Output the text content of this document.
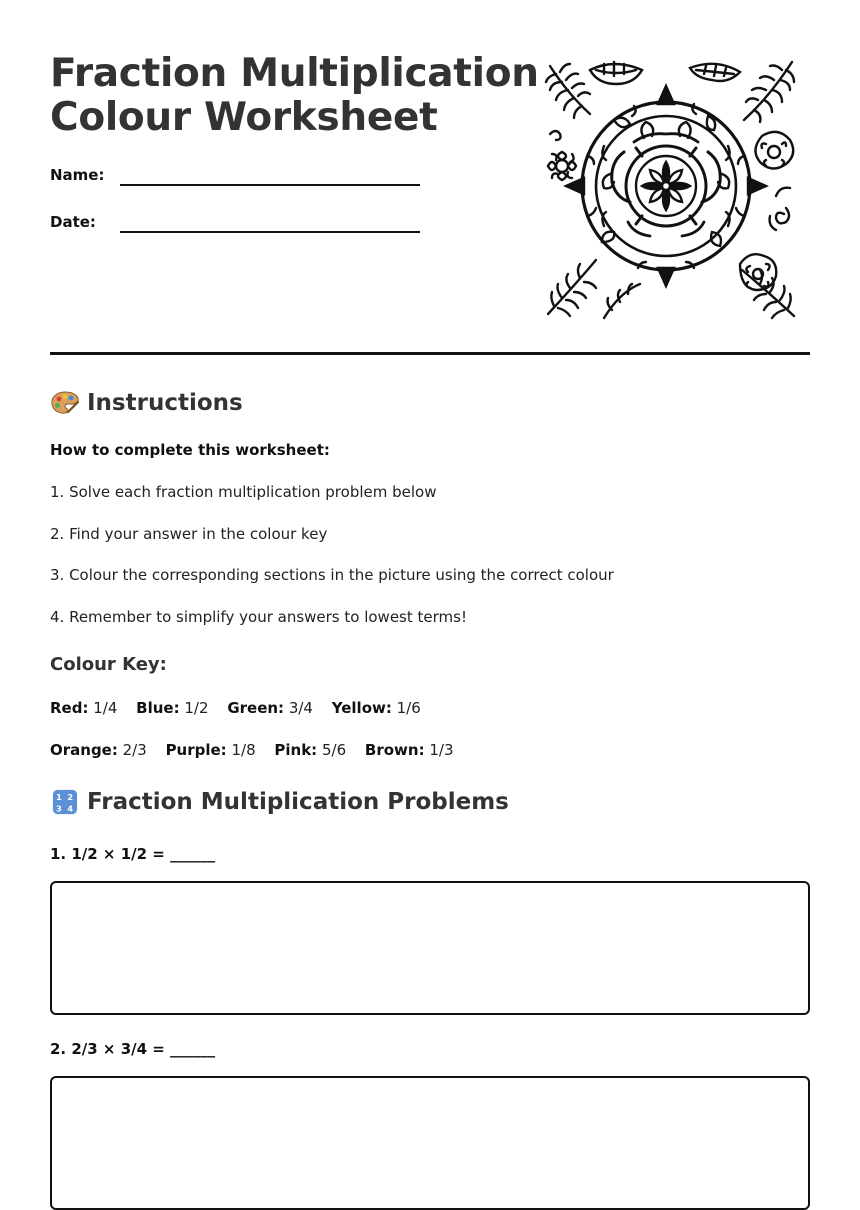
Fraction Multiplication
Colour Worksheet
Name:
Date:
Instructions
How to complete this worksheet:
1. Solve each fraction multiplication problem below
2. Find your answer in the colour key
3. Colour the corresponding sections in the picture using the correct colour
4. Remember to simplify your answers to lowest terms!
Colour Key:
Red: 1/4 Blue: 1/2 Green: 3/4 Yellow: 1/6
Orange: 2/3 Purple: 1/8 Pink: 5/6 Brown: 1/3
1 2
3 4 Fraction Multiplication Problems
1. 1/2 × 1/2 = ______
2. 2/3 × 3/4 = ______
